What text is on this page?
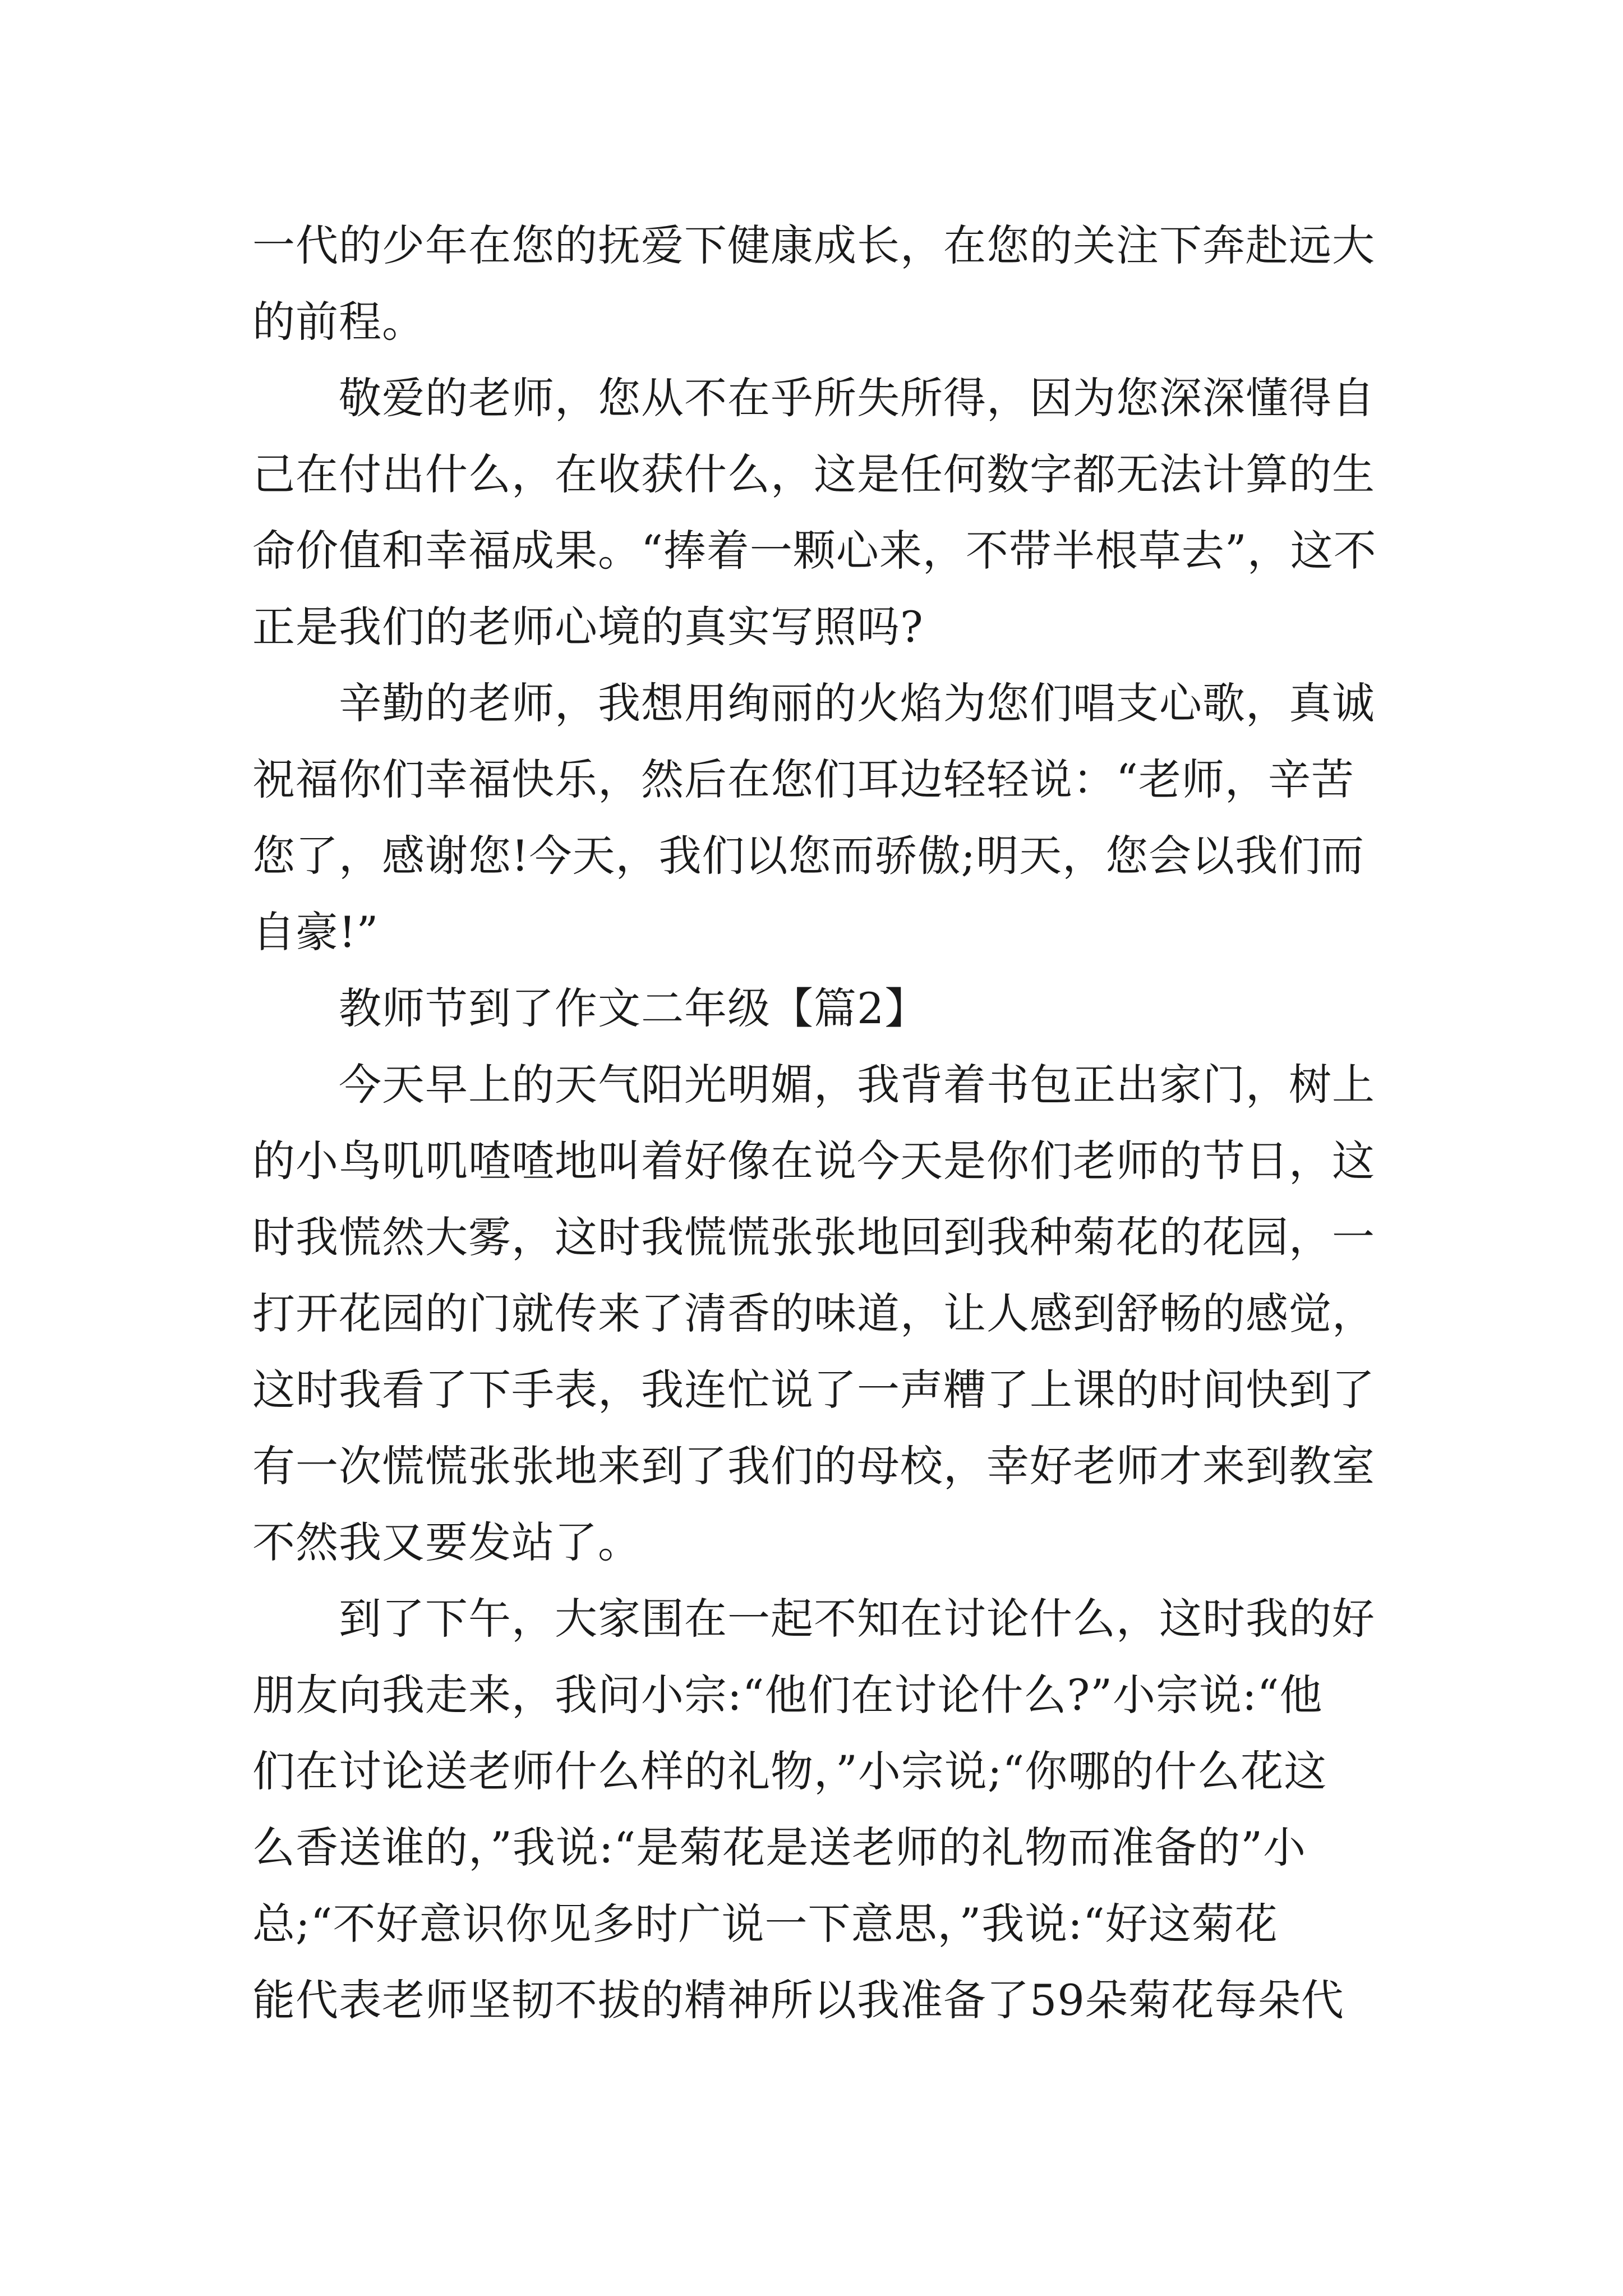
一代的少年在您的抚爱下健康成长，在您的关注下奔赴远大
的前程。
敬爱的老师，您从不在乎所失所得，因为您深深懂得自
己在付出什么，在收获什么，这是任何数字都无法计算的生
命价值和幸福成果。“捧着一颗心来，不带半根草去”，这不
正是我们的老师心境的真实写照吗?
辛勤的老师，我想用绚丽的火焰为您们唱支心歌，真诚
祝福你们幸福快乐，然后在您们耳边轻轻说：“老师，辛苦
您了，感谢您!今天，我们以您而骄傲;明天，您会以我们而
自豪!”
教师节到了作文二年级【篇2】
今天早上的天气阳光明媚，我背着书包正出家门，树上
的小鸟叽叽喳喳地叫着好像在说今天是你们老师的节日，这
时我慌然大雾，这时我慌慌张张地回到我种菊花的花园，一
打开花园的门就传来了清香的味道，让人感到舒畅的感觉，
这时我看了下手表，我连忙说了一声糟了上课的时间快到了
有一次慌慌张张地来到了我们的母校，幸好老师才来到教室
不然我又要发站了。
到了下午，大家围在一起不知在讨论什么，这时我的好
朋友向我走来，我问小宗:“他们在讨论什么?”小宗说:“他
们在讨论送老师什么样的礼物，”小宗说;“你哪的什么花这
么香送谁的，”我说:“是菊花是送老师的礼物而准备的”小
总;“不好意识你见多时广说一下意思，”我说:“好这菊花
能代表老师坚韧不拔的精神所以我准备了59朵菊花每朵代
